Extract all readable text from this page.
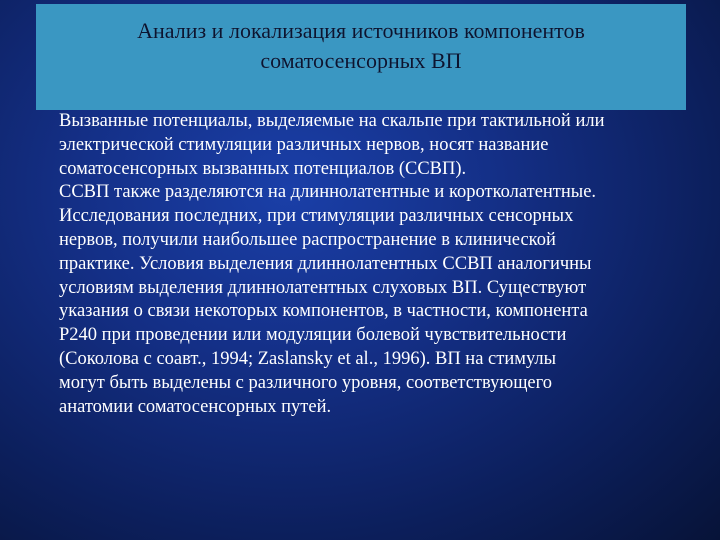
Анализ и локализация источников компонентов
соматосенсорных ВП
Вызванные потенциалы, выделяемые на скальпе при тактильной или
электрической стимуляции различных нервов, носят название
соматосенсорных вызванных потенциалов (ССВП).
ССВП также разделяются на длиннолатентные и коротколатентные.
Исследования последних, при стимуляции различных сенсорных
нервов, получили наибольшее распространение в клинической
практике. Условия выделения длиннолатентных ССВП аналогичны
условиям выделения длиннолатентных слуховых ВП. Существуют
указания о связи некоторых компонентов, в частности, компонента
Р240 при проведении или модуляции болевой чувствительности
(Соколова с соавт., 1994; Zaslansky et al., 1996). ВП на стимулы
могут быть выделены с различного уровня, соответствующего
анатомии соматосенсорных путей.
